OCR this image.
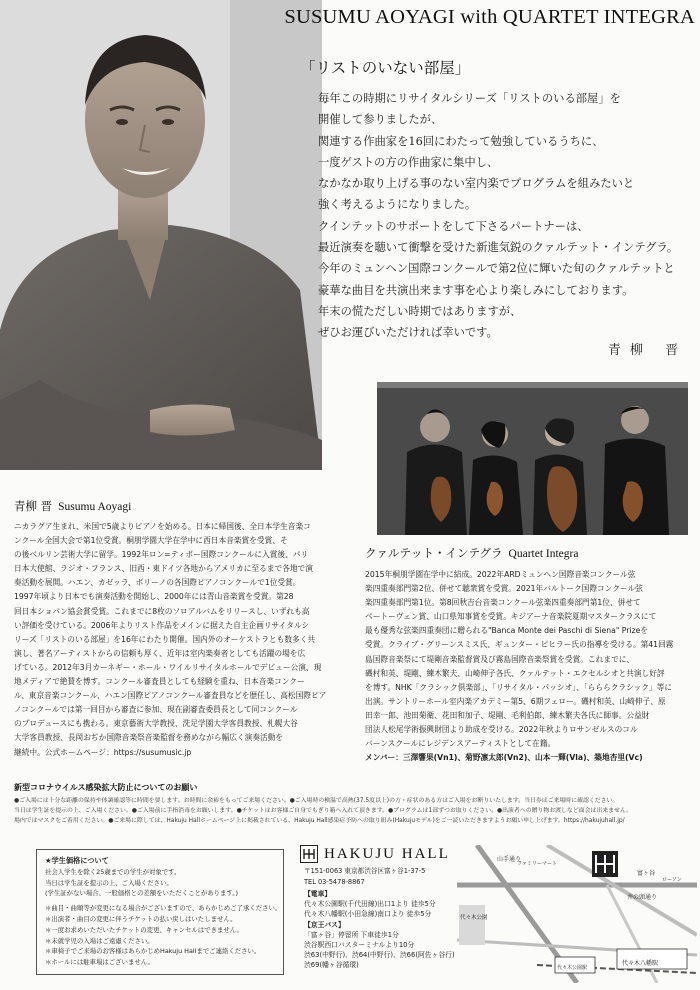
Photo ©Ayane Shindo
SUSUMU AOYAGI with QUARTET INTEGRA
「リストのいない部屋」
毎年この時期にリサイタルシリーズ「リストのいる部屋」を
開催して参りましたが、
関連する作曲家を16回にわたって勉強しているうちに、
一度ゲストの方の作曲家に集中し、
なかなか取り上げる事のない室内楽でプログラムを組みたいと
強く考えるようになりました。
クインテットのサポートをして下さるパートナーは、
最近演奏を聴いて衝撃を受けた新進気鋭のクァルテット・インテグラ。
今年のミュンヘン国際コンクールで第2位に輝いた旬のクァルテットと
豪華な曲目を共演出来ます事を心より楽しみにしております。
年末の慌ただしい時期ではありますが、
ぜひお運びいただければ幸いです。
青柳 晋
青柳 晋 Susumu Aoyagi
ニカラグア生まれ、米国で5歳よりピアノを始める。日本に帰国後、全日本学生音楽コ
ンクール全国大会で第1位受賞。桐朋学園大学在学中に西日本音楽賞を受賞、そ
の後ベルリン芸術大学に留学。1992年ロン=ティボー国際コンクールに入賞後、パリ
日本大使館、ラジオ・フランス、旧西・東ドイツ各地からアメリカに至るまで各地で演
奏活動を展開。ハエン、カゼッラ、ボリーノの各国際ピアノコンクールで1位受賞。
1997年頃より日本でも演奏活動を開始し、2000年には青山音楽賞を受賞。第28
回日本ショパン協会賞受賞。これまでに8枚のソロアルバムをリリースし、いずれも高
い評価を受けている。2006年よりリスト作品をメインに据えた自主企画リサイタルシ
リーズ「リストのいる部屋」を16年にわたり開催。国内外のオーケストラとも数多く共
演し、著名アーティストからの信頼も厚く、近年は室内楽奏者としても活躍の場を広
げている。2012年3月カーネギー・ホール・ワイルリサイタルホールでデビュー公演、現
地メディアで絶賛を博す。コンクール審査員としても経験を重ね、日本音楽コンクー
ル、東京音楽コンクール、ハエン国際ピアノコンクール審査員などを歴任し、高松国際ピア
ノコンクールでは第一回目から審査に参加、現在副審査委員長として同コンクール
のプロデュースにも携わる。東京藝術大学教授、洗足学園大学客員教授、札幌大谷
大学客員教授、長岡おぢか国際音楽祭音楽監督を務めながら幅広く演奏活動を
継続中。公式ホームページ：https://susumusic.jp
クァルテット・インテグラ Quartet Integra
2015年桐朋学園在学中に結成。2022年ARDミュンヘン国際音楽コンクール弦
楽四重奏部門第2位、併せて聴衆賞を受賞。2021年バルトーク国際コンクール弦
楽四重奏部門第1位。第8回秋吉台音楽コンクール弦楽四重奏部門第1位、併せて
ベートーヴェン賞、山口県知事賞を受賞。キジアーナ音楽院夏期マスタークラスにて
最も優秀な弦楽四重奏団に贈られる"Banca Monte dei Paschi di Siena" Prizeを
受賞。クライブ・グリーンスミス氏、ギュンター・ピヒラー氏の指導を受ける。第41回霧
島国際音楽祭にて堤剛音楽監督賞及び霧島国際音楽祭賞を受賞。これまでに、
磯村和英、堤剛、練木繁夫、山崎伸子各氏、クァルテット・エクセルシオと共演し好評
を博す。NHK「クラシック倶楽部」、「リサイタル・パッシオ」、「らららクラシック」等に
出演。サントリーホール室内楽アカデミー第5、6期フェロー。磯村和英、山崎伸子、原
田幸一郎、池田菊衛、花田和加子、堤剛、毛利伯郎、練木繁夫各氏に師事。公益財
団法人松尾学術振興財団より助成を受ける。2022年秋よりロサンゼルスのコル
バーンスクールにレジデンスアーティストとして在籍。
メンバー：三澤響果(Vn1)、菊野凛太郎(Vn2)、山本一輝(Vla)、築地杏里(Vc)
新型コロナウイルス感染拡大防止についてのお願い
●ご入場には十分な距離の保持や体調確認等に時間を要します。お時間に余裕をもってご来場ください。●ご入場時の検温で高熱(37.5度以上)の方・症状のある方はご入場をお断りいたします。当日券はご来場時に確認ください。
当日は学生証を提示の上、ご入場ください。●ご入場前に手指消毒をお願いします。●チケットはお客様ご自身でもぎり箱へ入れて頂きます。●プログラムは1部ずつお取りください。●出演者への贈り物お渡しなど面会は出来ません。
場内ではマスクをご着用ください。●ご来場に際しては、Hakuju Hallホームページ上に掲載されている、Hakuju Hall感染症予防への取り組み(Hakujuモデル)をご一読いただきますようお願い申し上げます。https://hakujuhall.jp/
★学生価格について
社会人学生を除く25歳までの学生が対象です。
当日は学生証を提示の上、ご入場ください。
(学生証がない場合、一般価格との差額をいただくことがあります。)
＊曲目・曲順等が変更になる場合がございますので、あらかじめご了承ください。
＊出演者・曲目の変更に伴うチケットの払い戻しはいたしません。
＊一度お求めいただいたチケットの変更、キャンセルはできません。
＊未就学児の入場はご遠慮ください。
＊車椅子でご来場のお客様はあらかじめHakuju Hallまでご連絡ください。
＊ホールには駐車場はございません。
HAKUJU HALL
〒151-0063 東京都渋谷区富ヶ谷1-37-5
TEL 03-5478-8867
【電車】
代々木公園駅(千代田線)出口1より 徒歩5分
代々木八幡駅(小田急線)南口より 徒歩5分
【京王バス】
「富ヶ谷」停留所 下車徒歩1分
渋谷駅西口バスターミナルより10分
渋63(中野行)、渋64(中野行)、渋66(阿佐ヶ谷行)
渋69(幡ヶ谷循環)
井の頭通り
山手通り
富ヶ谷
代々木公園
代々木八幡駅
ファミリーマート
ローソン
代々木公園駅
